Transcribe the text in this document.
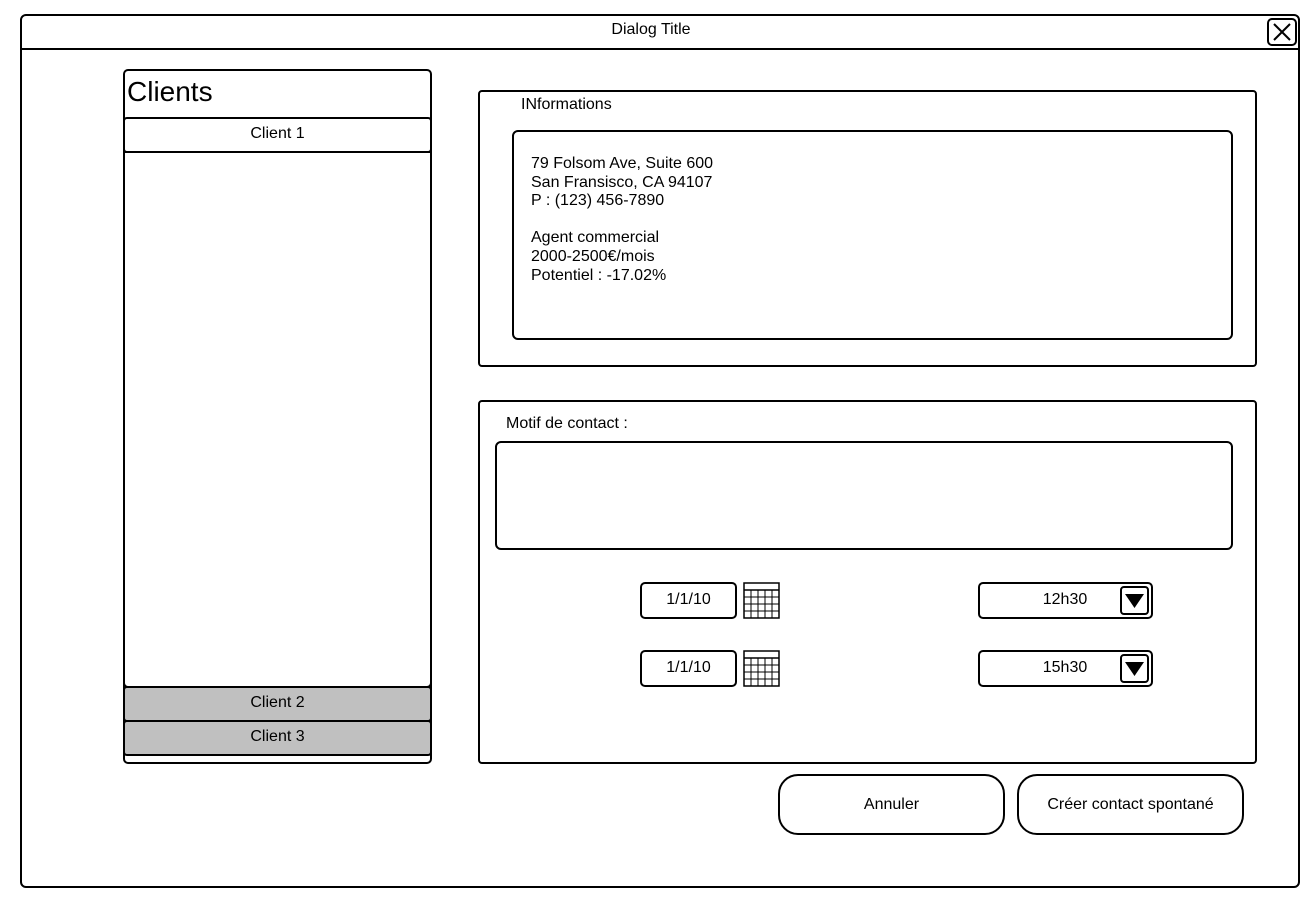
Dialog Title
Clients
Client 1
Client 2
Client 3
INformations
79 Folsom Ave, Suite 600
San Fransisco, CA 94107
P : (123) 456-7890
Agent commercial
2000-2500€/mois
Potentiel : -17.02%
Motif de contact :
1/1/10	12h30
1/1/10	15h30
Annuler	Créer contact spontané
